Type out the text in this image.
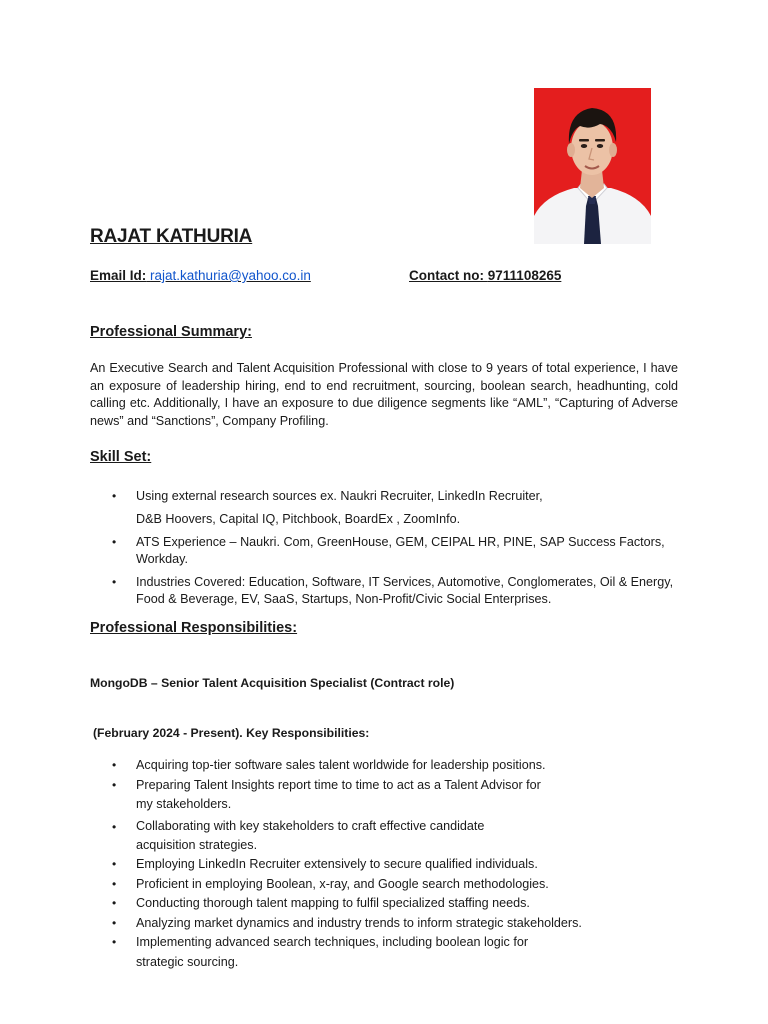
RAJAT KATHURIA
Email Id: rajat.kathuria@yahoo.co.in	Contact no: 9711108265
Professional Summary:
An Executive Search and Talent Acquisition Professional with close to 9 years of total experience, I have an exposure of leadership hiring, end to end recruitment, sourcing, boolean search, headhunting, cold calling etc. Additionally, I have an exposure to due diligence segments like “AML”, “Capturing of Adverse news” and “Sanctions”, Company Profiling.
Skill Set:
• Using external research sources ex. Naukri Recruiter, LinkedIn Recruiter,
D&B Hoovers, Capital IQ, Pitchbook, BoardEx , ZoomInfo.
• ATS Experience – Naukri. Com, GreenHouse, GEM, CEIPAL HR, PINE, SAP Success Factors, Workday.
• Industries Covered: Education, Software, IT Services, Automotive, Conglomerates, Oil & Energy,
Food & Beverage, EV, SaaS, Startups, Non-Profit/Civic Social Enterprises.
Professional Responsibilities:
MongoDB – Senior Talent Acquisition Specialist (Contract role)
(February 2024 - Present). Key Responsibilities:
• Acquiring top-tier software sales talent worldwide for leadership positions.
• Preparing Talent Insights report time to time to act as a Talent Advisor for
my stakeholders.
• Collaborating with key stakeholders to craft effective candidate
acquisition strategies.
• Employing LinkedIn Recruiter extensively to secure qualified individuals.
• Proficient in employing Boolean, x-ray, and Google search methodologies.
• Conducting thorough talent mapping to fulfil specialized staffing needs.
• Analyzing market dynamics and industry trends to inform strategic stakeholders.
• Implementing advanced search techniques, including boolean logic for
strategic sourcing.
